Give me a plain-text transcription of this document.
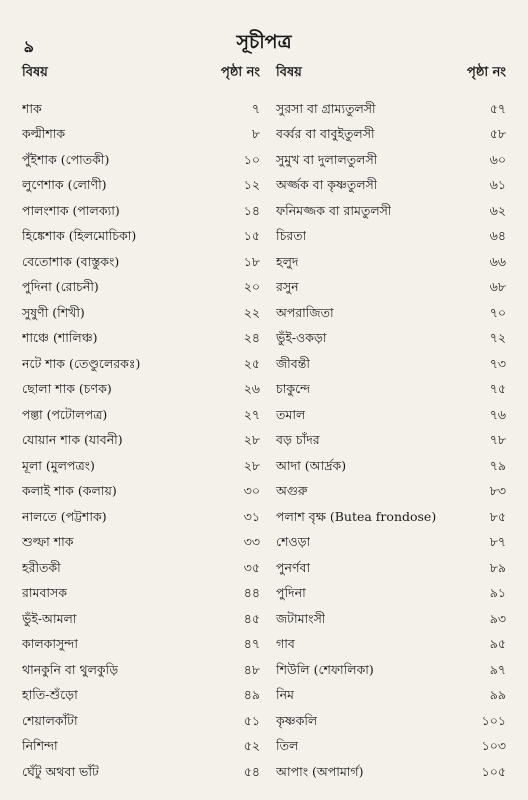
ঌ	সূচীপত্র
বিষয়	পৃষ্ঠা নং
শাক	৭
কল্মীশাক	৮
পুঁইশাক (পোতকী)	১০
লুণেশাক (লোণী)	১২
পালংশাক (পালক্যা)	১৪
হিঙ্কেশাক (হিলমোচিকা)	১৫
বেতোশাক (বাস্তুকং)	১৮
পুদিনা (রোচনী)	২০
সুষুণী (শিখী)	২২
শাঞ্চে (শালিঞ্চ)	২৪
নটে শাক (তেণ্ডুলেরকঃ)	২৫
ছোলা শাক (চণক)	২৬
পল্তা (পটোলপত্র)	২৭
যোয়ান শাক (যাবনী)	২৮
মূলা (মুলপত্রং)	২৮
কলাই শাক (কলায়)	৩০
নালতে (পট্টশাক)	৩১
শুল্ফা শাক	৩৩
হরীতকী	৩৫
রামবাসক	৪৪
ভুঁই-আমলা	৪৫
কালকাসুন্দা	৪৭
থানকুনি বা থুলকুড়ি	৪৮
হাতি-শুঁড়ো	৪৯
শেয়ালকাঁটা	৫১
নিশিন্দা	৫২
ঘেঁটু অথবা ভাঁট	৫৪
বিষয়	পৃষ্ঠা নং
সুরসা বা গ্রাম্যতুলসী	৫৭
বর্ব্বর বা বাবুইতুলসী	৫৮
সুমুখ বা দুলালতুলসী	৬০
অর্জ্জক বা কৃষ্ণতুলসী	৬১
ফনিমজ্জক বা রামতুলসী	৬২
চিরতা	৬৪
হলুদ	৬৬
রসুন	৬৮
অপরাজিতা	৭০
ভুঁই-ওকড়া	৭২
জীবন্তী	৭৩
চাকুন্দে	৭৫
তমাল	৭৬
বড় চাঁদর	৭৮
আদা (আর্দ্রক)	৭৯
অগুরু	৮৩
পলাশ বৃক্ষ (Butea frondose)	৮৫
শেওড়া	৮৭
পুনর্ণবা	৮৯
পুদিনা	৯১
জটামাংসী	৯৩
গাব	৯৫
শিউলি (শেফালিকা)	৯৭
নিম	৯৯
কৃষ্ণকলি	১০১
তিল	১০৩
আপাং (অপামার্গ)	১০৫
